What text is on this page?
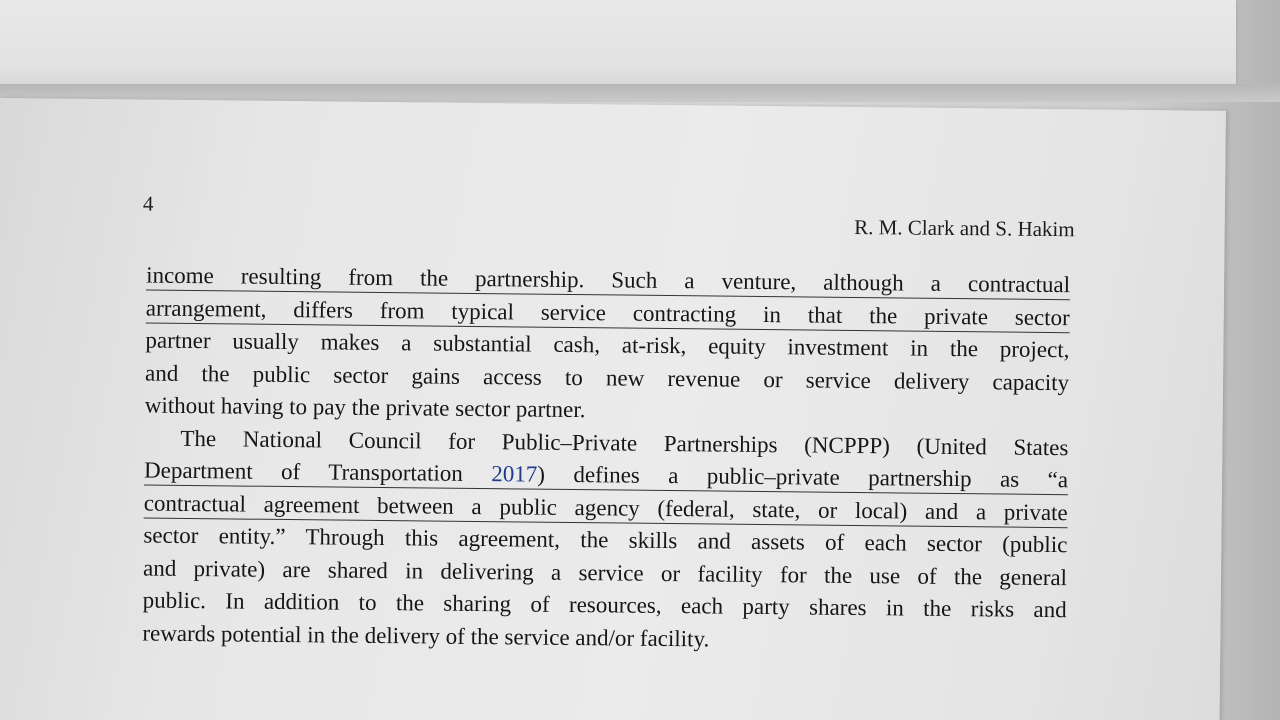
4
R. M. Clark and S. Hakim
income resulting from the partnership. Such a venture, although a contractual
arrangement, differs from typical service contracting in that the private sector
partner usually makes a substantial cash, at-risk, equity investment in the project,
and the public sector gains access to new revenue or service delivery capacity
without having to pay the private sector partner.
The National Council for Public–Private Partnerships (NCPPP) (United States
Department of Transportation 2017) defines a public–private partnership as “a
contractual agreement between a public agency (federal, state, or local) and a private
sector entity.” Through this agreement, the skills and assets of each sector (public
and private) are shared in delivering a service or facility for the use of the general
public. In addition to the sharing of resources, each party shares in the risks and
rewards potential in the delivery of the service and/or facility.
